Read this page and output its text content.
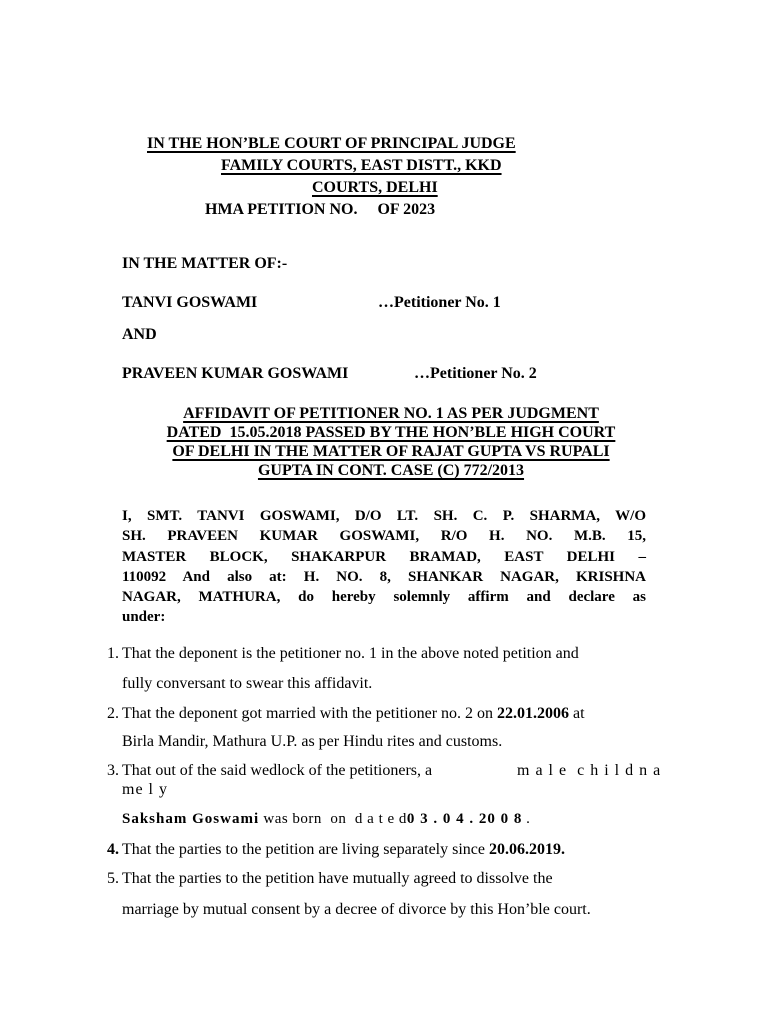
IN THE HON’BLE COURT OF PRINCIPAL JUDGE
FAMILY COURTS, EAST DISTT., KKD
COURTS, DELHI
HMA PETITION NO.     OF 2023
IN THE MATTER OF:-
TANVI GOSWAMI	…Petitioner No. 1
AND
PRAVEEN KUMAR GOSWAMI	…Petitioner No. 2
AFFIDAVIT OF PETITIONER NO. 1 AS PER JUDGMENT
DATED  15.05.2018 PASSED BY THE HON’BLE HIGH COURT
OF DELHI IN THE MATTER OF RAJAT GUPTA VS RUPALI
GUPTA IN CONT. CASE (C) 772/2013
I, SMT. TANVI GOSWAMI, D/O LT. SH. C. P. SHARMA, W/O
SH. PRAVEEN KUMAR GOSWAMI, R/O H. NO. M.B. 15,
MASTER BLOCK, SHAKARPUR BRAMAD, EAST DELHI –
110092 And also at: H. NO. 8, SHANKAR NAGAR, KRISHNA
NAGAR, MATHURA, do hereby solemnly affirm and declare as
under:
1. That the deponent is the petitioner no. 1 in the above noted petition and
fully conversant to swear this affidavit.
2. That the deponent got married with the petitioner no. 2 on 22.01.2006 at
Birla Mandir, Mathura U.P. as per Hindu rites and customs.
3. That out of the said wedlock of the petitioners, a	m a l e  c h i l d n a
me l y
Saksham Goswami was born  on  d a t e d0 3 . 0 4 . 20 0 8 .
4. That the parties to the petition are living separately since 20.06.2019.
5. That the parties to the petition have mutually agreed to dissolve the
marriage by mutual consent by a decree of divorce by this Hon’ble court.
